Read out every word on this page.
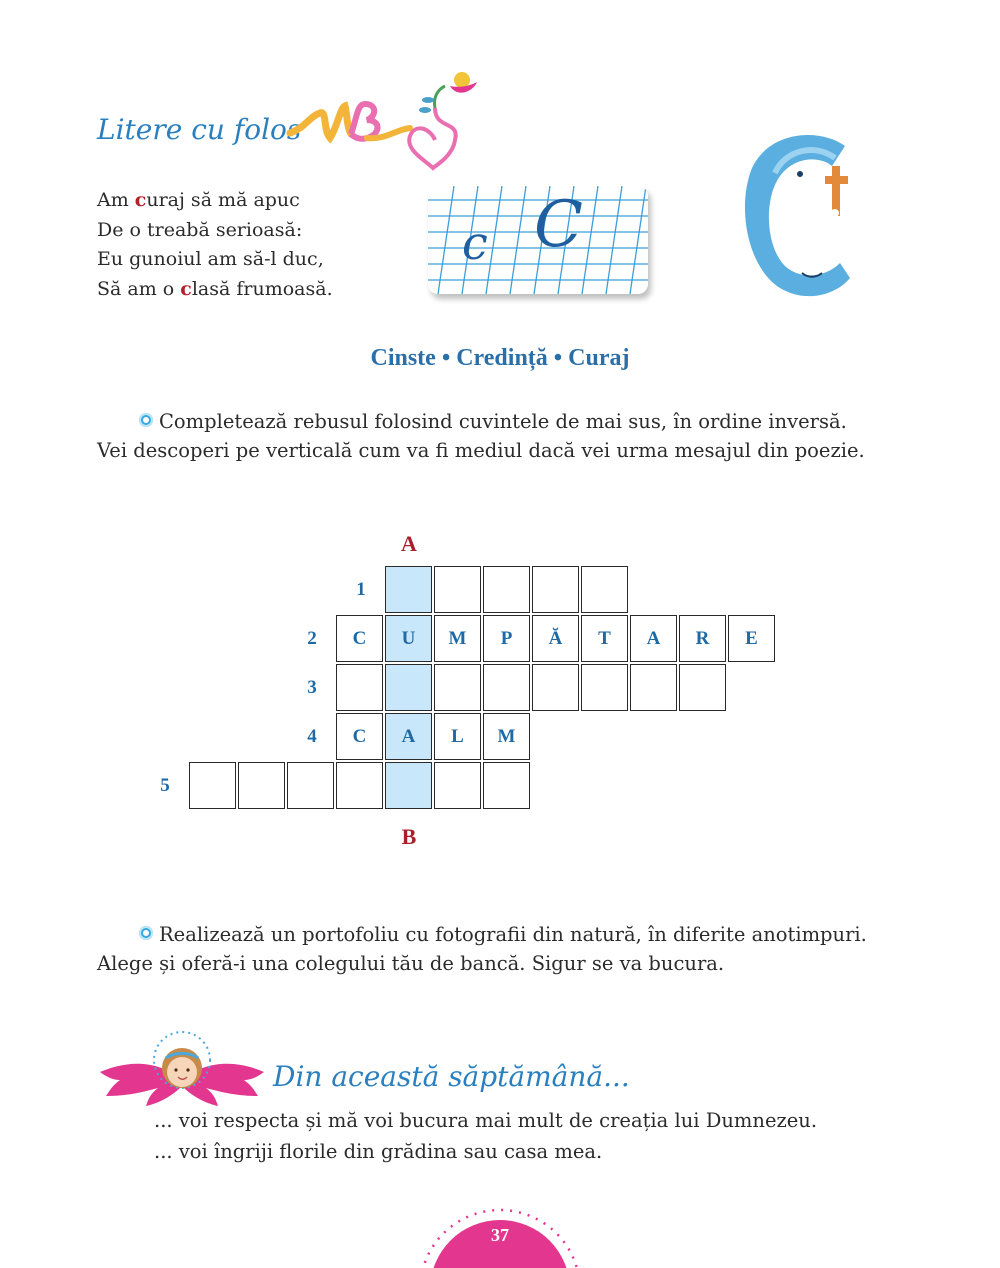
Litere cu folos
Am curaj să mă apuc
De o treabă serioasă:
Eu gunoiul am să-l duc,
Să am o clasă frumoasă.
c C
Cinste • Credință • Curaj
Completează rebusul folosind cuvintele de mai sus, în ordine inversă.
Vei descoperi pe verticală cum va fi mediul dacă vei urma mesajul din poezie.
A
B
1
2	C	U	M	P	Ă	T	A	R	E
3
4	C	A	L	M
5
Realizează un portofoliu cu fotografii din natură, în diferite anotimpuri.
Alege și oferă-i una colegului tău de bancă. Sigur se va bucura.
Din această săptămână...
... voi respecta și mă voi bucura mai mult de creația lui Dumnezeu.
... voi îngriji florile din grădina sau casa mea.
37
